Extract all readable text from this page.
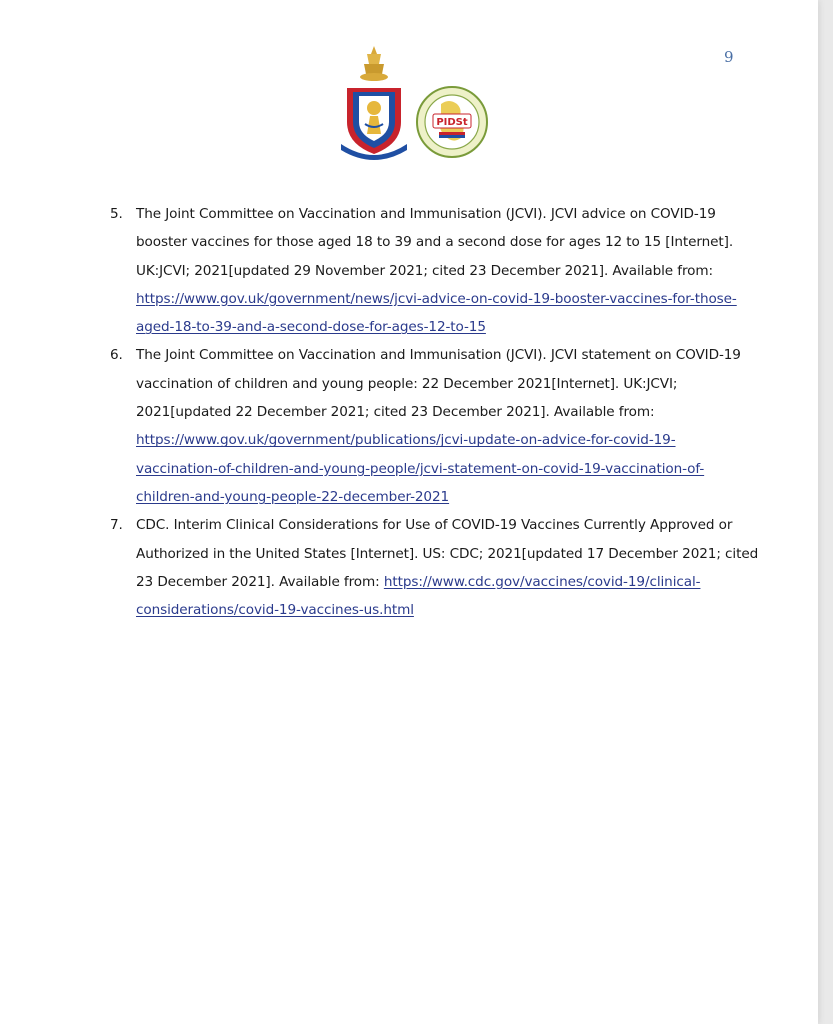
9
PIDSt
5. The Joint Committee on Vaccination and Immunisation (JCVI). JCVI advice on COVID-19
booster vaccines for those aged 18 to 39 and a second dose for ages 12 to 15 [Internet].
UK:JCVI; 2021[updated 29 November 2021; cited 23 December 2021]. Available from:
https://www.gov.uk/government/news/jcvi-advice-on-covid-19-booster-vaccines-for-those-
aged-18-to-39-and-a-second-dose-for-ages-12-to-15
6. The Joint Committee on Vaccination and Immunisation (JCVI). JCVI statement on COVID-19
vaccination of children and young people: 22 December 2021[Internet]. UK:JCVI;
2021[updated 22 December 2021; cited 23 December 2021]. Available from:
https://www.gov.uk/government/publications/jcvi-update-on-advice-for-covid-19-
vaccination-of-children-and-young-people/jcvi-statement-on-covid-19-vaccination-of-
children-and-young-people-22-december-2021
7. CDC. Interim Clinical Considerations for Use of COVID-19 Vaccines Currently Approved or
Authorized in the United States [Internet]. US: CDC; 2021[updated 17 December 2021; cited
23 December 2021]. Available from: https://www.cdc.gov/vaccines/covid-19/clinical-
considerations/covid-19-vaccines-us.html
